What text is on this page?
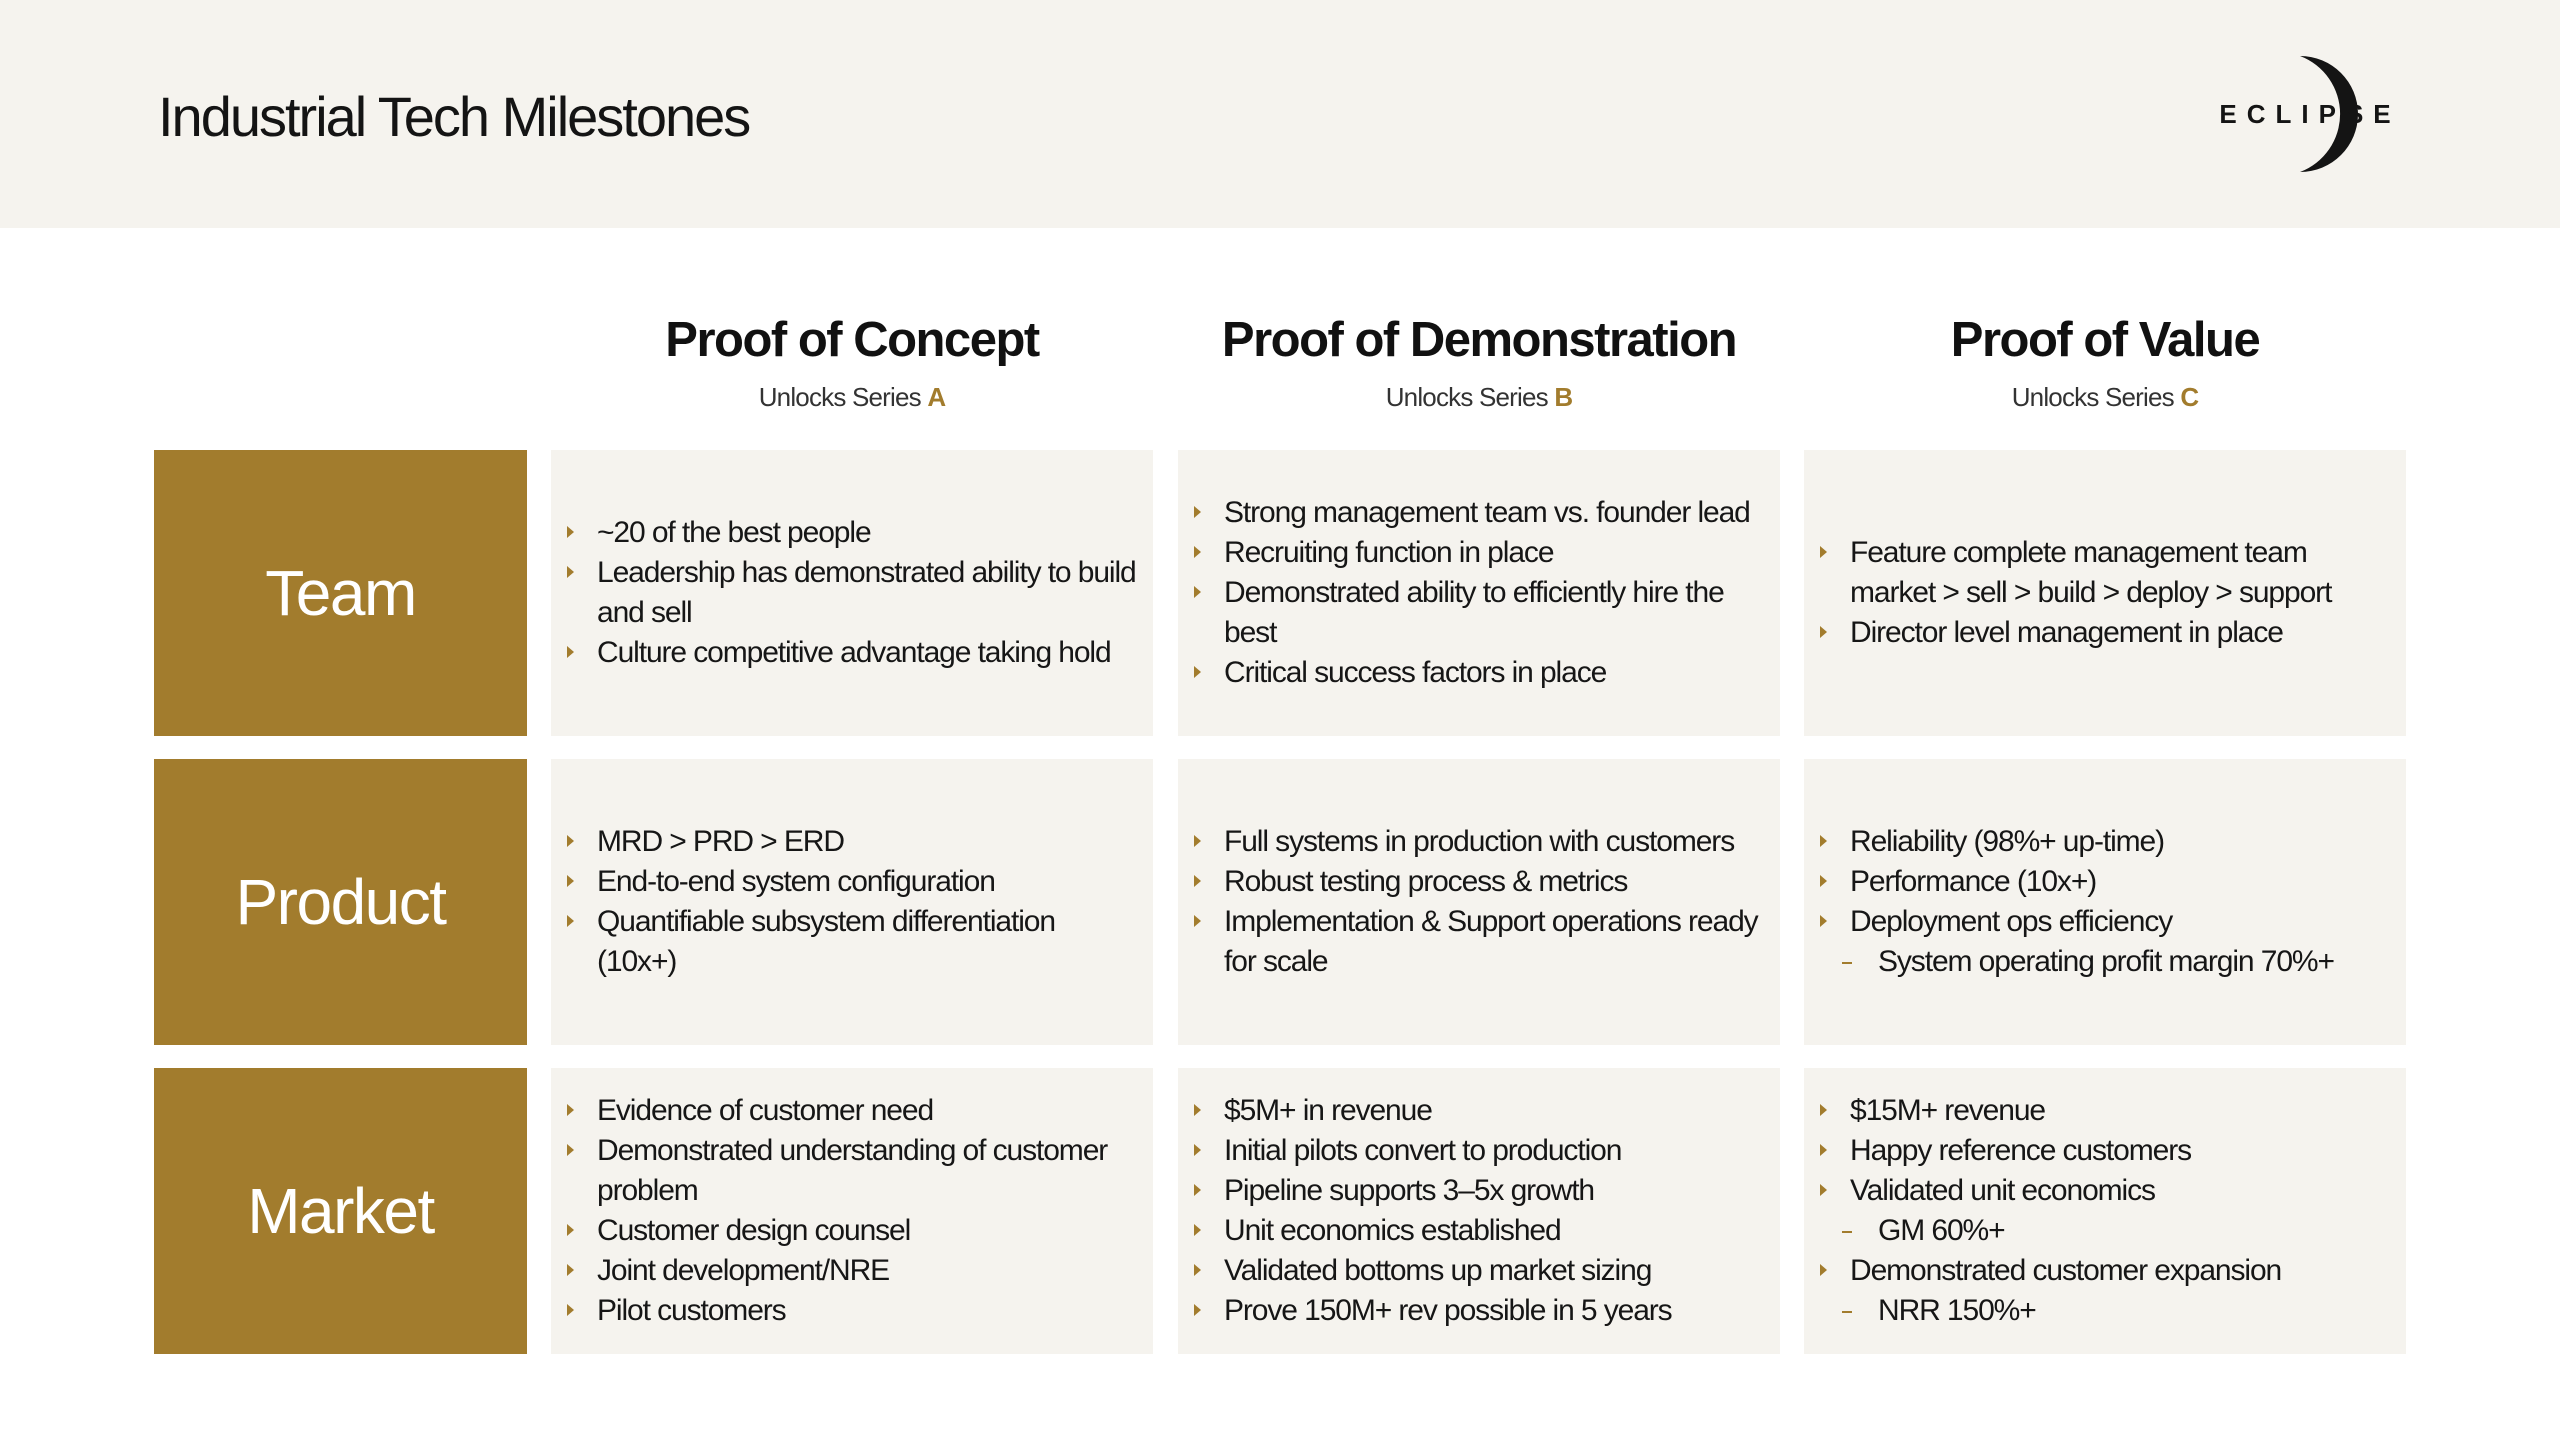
Industrial Tech Milestones	ECLIPSE
Proof of Concept
Unlocks Series A
Proof of Demonstration
Unlocks Series B
Proof of Value
Unlocks Series C
Team
~20 of the best people
Leadership has demonstrated ability to build and sell
Culture competitive advantage taking hold
Strong management team vs. founder lead
Recruiting function in place
Demonstrated ability to efficiently hire the best
Critical success factors in place
Feature complete management team market > sell > build > deploy > support
Director level management in place
Product
MRD > PRD > ERD
End-to-end system configuration
Quantifiable subsystem differentiation (10x+)
Full systems in production with customers
Robust testing process & metrics
Implementation & Support operations ready for scale
Reliability (98%+ up-time)
Performance (10x+)
Deployment ops efficiency
System operating profit margin 70%+
Market
Evidence of customer need
Demonstrated understanding of customer problem
Customer design counsel
Joint development/NRE
Pilot customers
$5M+ in revenue
Initial pilots convert to production
Pipeline supports 3–5x growth
Unit economics established
Validated bottoms up market sizing
Prove 150M+ rev possible in 5 years
$15M+ revenue
Happy reference customers
Validated unit economics
GM 60%+
Demonstrated customer expansion
NRR 150%+
